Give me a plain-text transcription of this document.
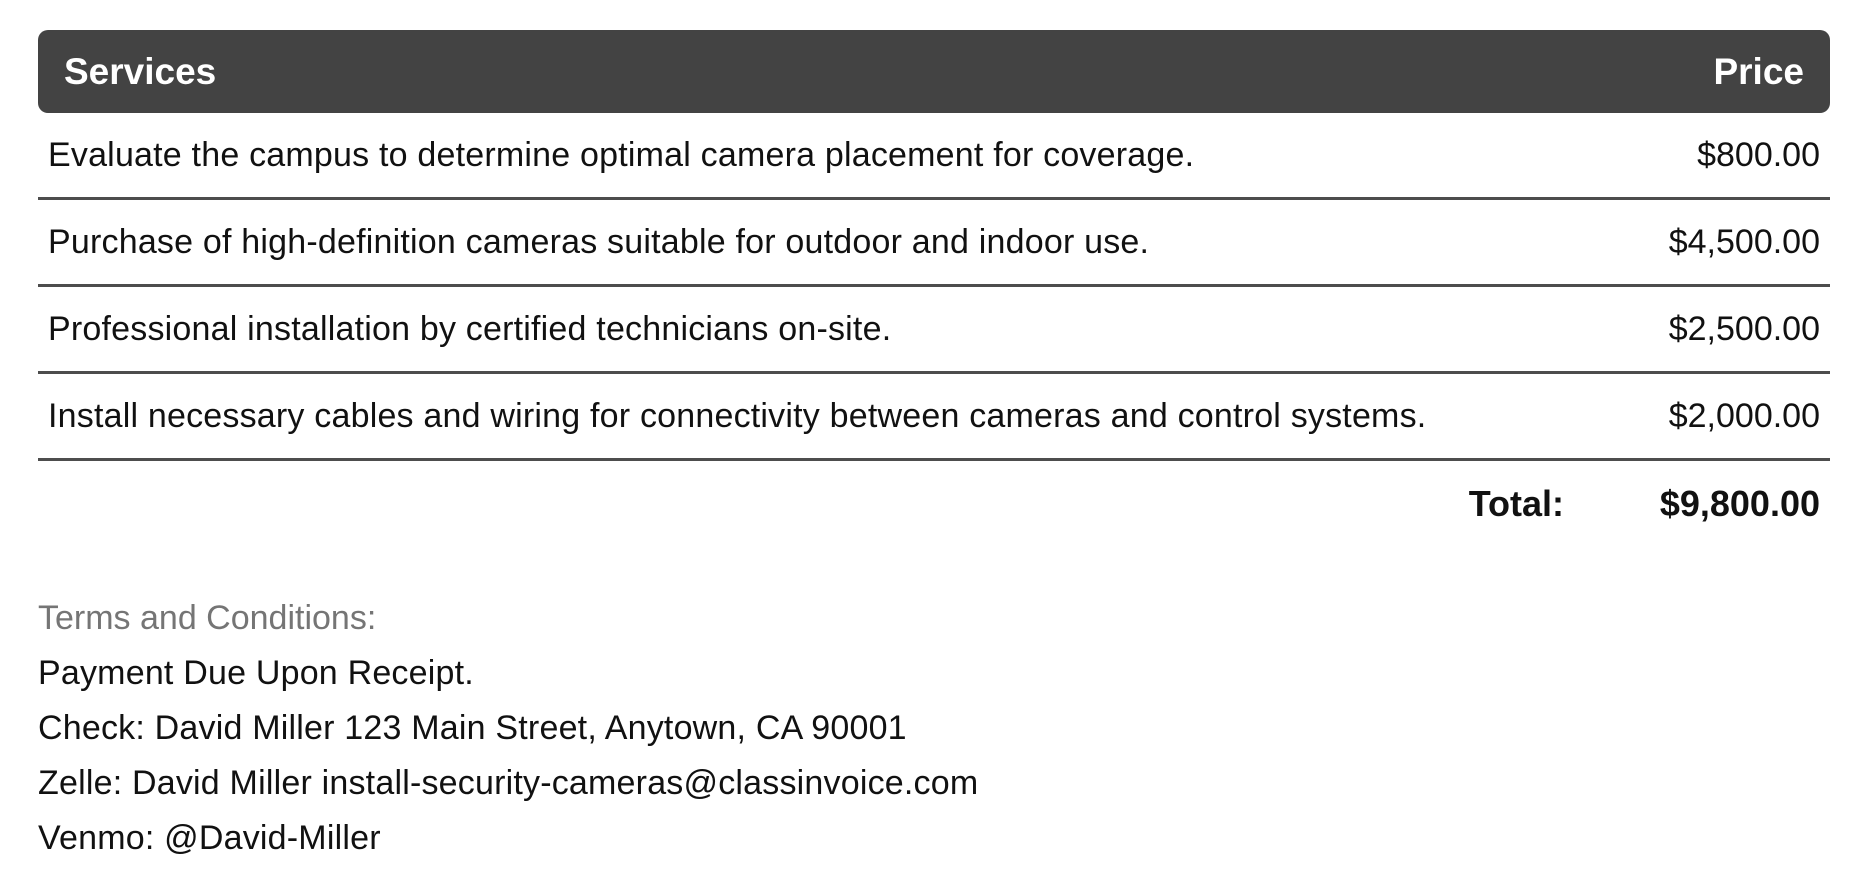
Services	Price
Evaluate the campus to determine optimal camera placement for coverage.	$800.00
Purchase of high-definition cameras suitable for outdoor and indoor use.	$4,500.00
Professional installation by certified technicians on-site.	$2,500.00
Install necessary cables and wiring for connectivity between cameras and control systems.	$2,000.00
Total:	$9,800.00
Terms and Conditions:
Payment Due Upon Receipt.
Check: David Miller 123 Main Street, Anytown, CA 90001
Zelle: David Miller install-security-cameras@classinvoice.com
Venmo: @David-Miller
